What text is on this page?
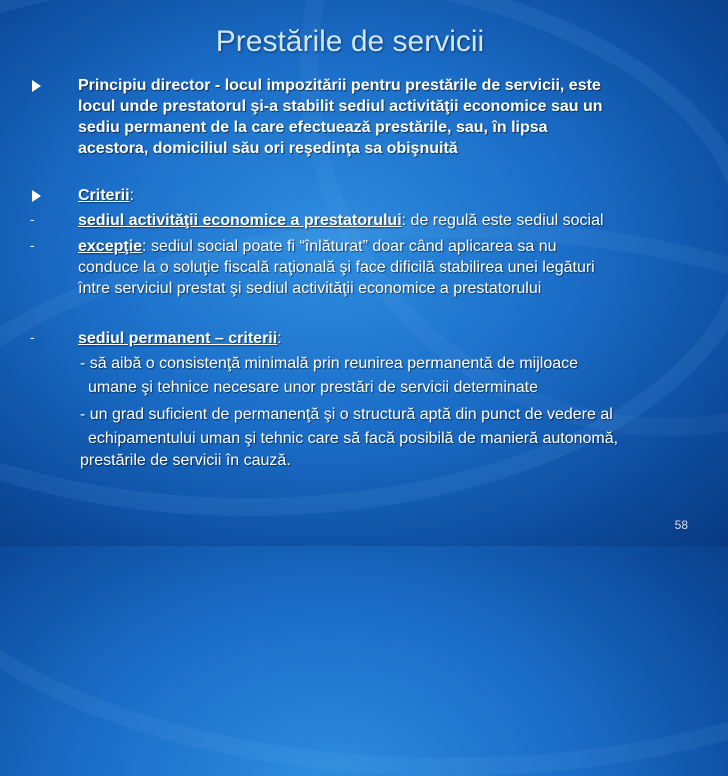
Prestările de servicii
Principiu director - locul impozitării pentru prestările de servicii, este
locul unde prestatorul şi-a stabilit sediul activităţii economice sau un
sediu permanent de la care efectuează prestările, sau, în lipsa
acestora, domiciliul său ori reşedinţa sa obişnuită
Criterii:
-	sediul activităţii economice a prestatorului: de regulă este sediul social
-	excepţie: sediul social poate fi “înlăturat” doar când aplicarea sa nu
conduce la o soluţie fiscală raţională şi face dificilă stabilirea unei legături
între serviciul prestat şi sediul activităţii economice a prestatorului
-	sediul permanent – criterii:
- să aibă o consistenţă minimală prin reunirea permanentă de mijloace
umane şi tehnice necesare unor prestări de servicii determinate
- un grad suficient de permanenţă şi o structură aptă din punct de vedere al
echipamentului uman şi tehnic care să facă posibilă de manieră autonomă,
prestările de servicii în cauză.
58
